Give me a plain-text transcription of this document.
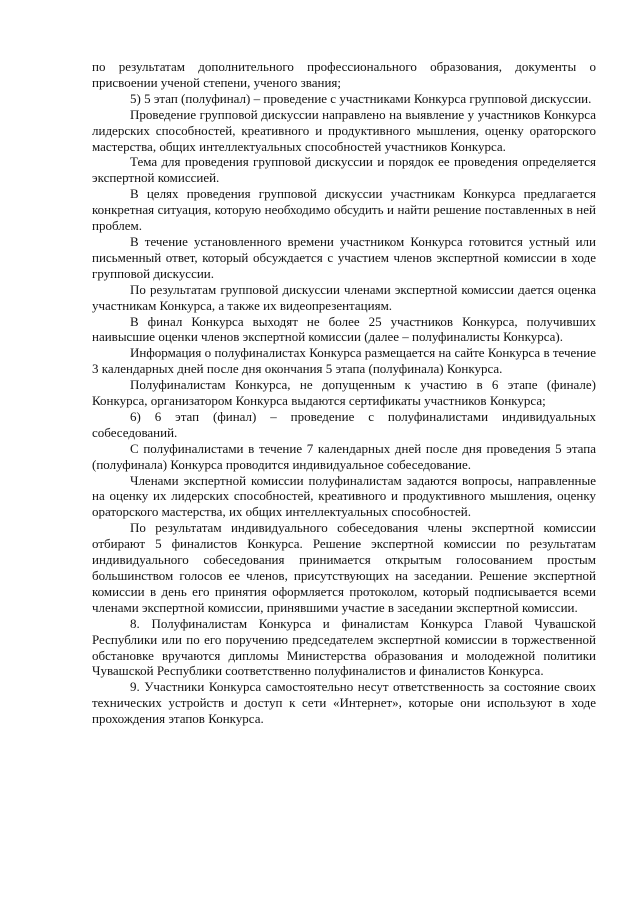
по результатам дополнительного профессионального образования, документы о присвоении ученой степени, ученого звания;

5) 5 этап (полуфинал) – проведение с участниками Конкурса групповой дискуссии.

Проведение групповой дискуссии направлено на выявление у участников Конкурса лидерских способностей, креативного и продуктивного мышления, оценку ораторского мастерства, общих интеллектуальных способностей участников Конкурса.

Тема для проведения групповой дискуссии и порядок ее проведения определяется экспертной комиссией.

В целях проведения групповой дискуссии участникам Конкурса предлагается конкретная ситуация, которую необходимо обсудить и найти решение поставленных в ней проблем.

В течение установленного времени участником Конкурса готовится устный или письменный ответ, который обсуждается с участием членов экспертной комиссии в ходе групповой дискуссии.

По результатам групповой дискуссии членами экспертной комиссии дается оценка участникам Конкурса, а также их видеопрезентациям.

В финал Конкурса выходят не более 25 участников Конкурса, получивших наивысшие оценки членов экспертной комиссии (далее – полуфиналисты Конкурса).

Информация о полуфиналистах Конкурса размещается на сайте Конкурса в течение 3 календарных дней после дня окончания 5 этапа (полуфинала) Конкурса.

Полуфиналистам Конкурса, не допущенным к участию в 6 этапе (финале) Конкурса, организатором Конкурса выдаются сертификаты участников Конкурса;

6) 6 этап (финал) – проведение с полуфиналистами индивидуальных собеседований.

С полуфиналистами в течение 7 календарных дней после дня проведения 5 этапа (полуфинала) Конкурса проводится индивидуальное собеседование.

Членами экспертной комиссии полуфиналистам задаются вопросы, направленные на оценку их лидерских способностей, креативного и продуктивного мышления, оценку ораторского мастерства, их общих интеллектуальных способностей.

По результатам индивидуального собеседования члены экспертной комиссии отбирают 5 финалистов Конкурса. Решение экспертной комиссии по результатам индивидуального собеседования принимается открытым голосованием простым большинством голосов ее членов, присутствующих на заседании. Решение экспертной комиссии в день его принятия оформляется протоколом, который подписывается всеми членами экспертной комиссии, принявшими участие в заседании экспертной комиссии.

8. Полуфиналистам Конкурса и финалистам Конкурса Главой Чувашской Республики или по его поручению председателем экспертной комиссии в торжественной обстановке вручаются дипломы Министерства образования и молодежной политики Чувашской Республики соответственно полуфиналистов и финалистов Конкурса.

9. Участники Конкурса самостоятельно несут ответственность за состояние своих технических устройств и доступ к сети «Интернет», которые они используют в ходе прохождения этапов Конкурса.
